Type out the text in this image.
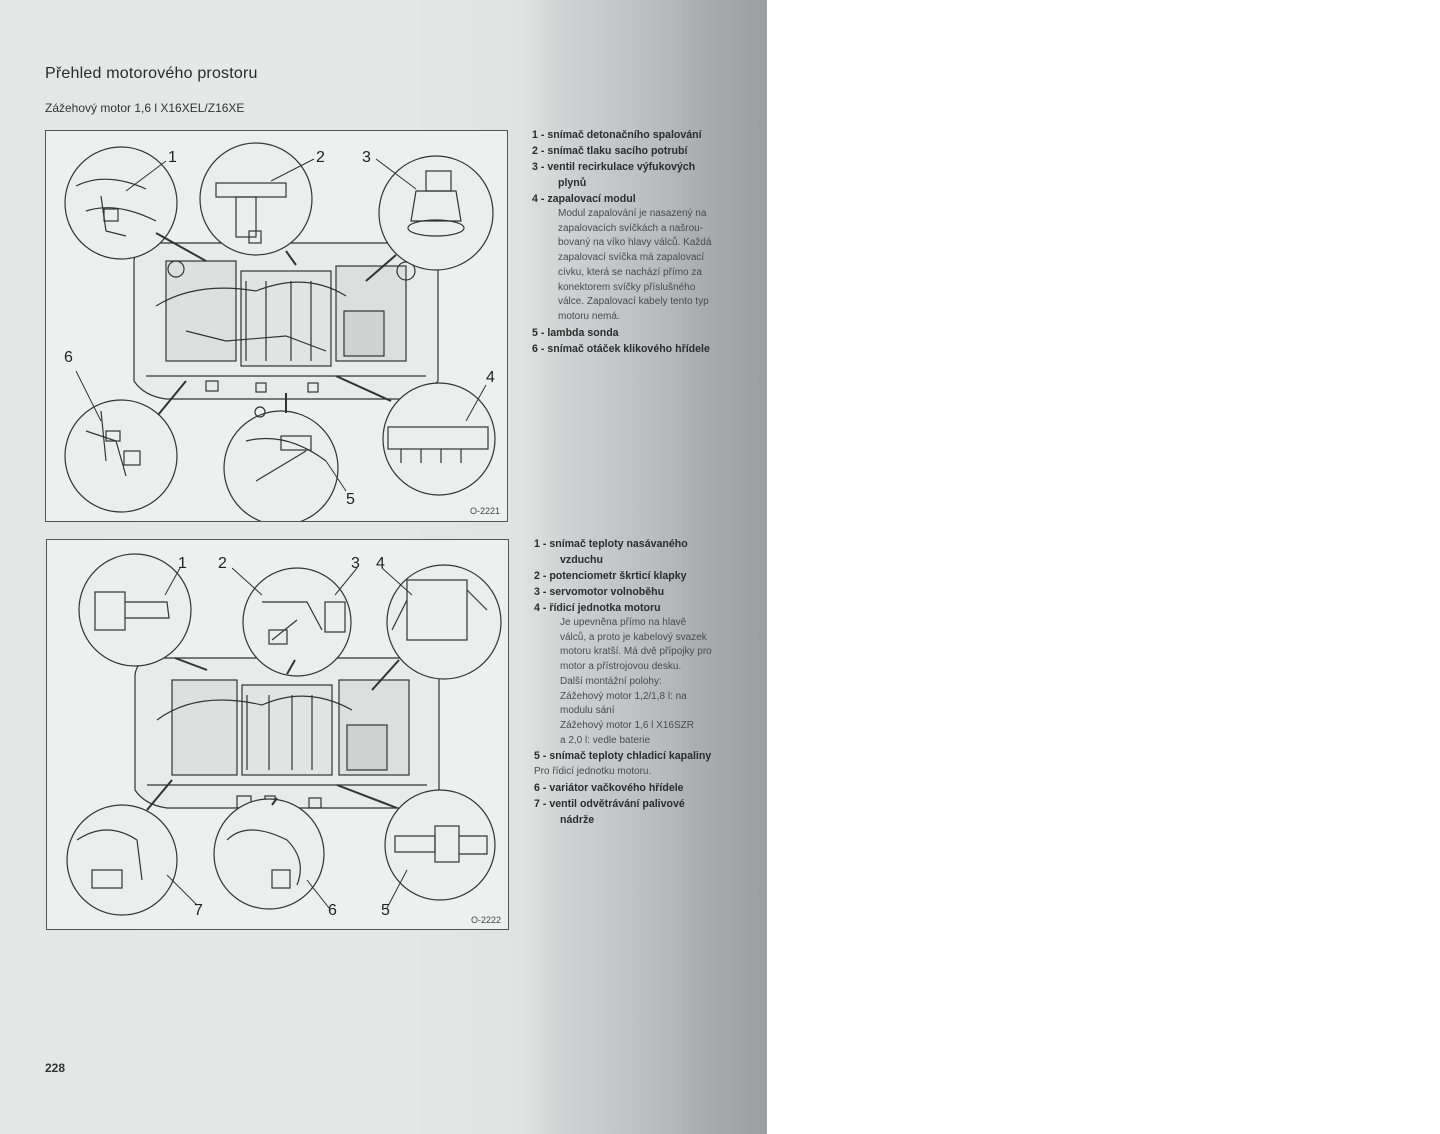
Přehled motorového prostoru
Zážehový motor 1,6 l X16XEL/Z16XE
1	2 3
4
5
6
O-2221
1 - snímač detonačního spalování
2 - snímač tlaku sacího potrubí
3 - ventil recirkulace výfukových
plynů
4 - zapalovací modul
Modul zapalování je nasazený na
zapalovacích svíčkách a našrou-
bovaný na víko hlavy válců. Každá
zapalovací svíčka má zapalovací
cívku, která se nachází přímo za
konektorem svíčky příslušného
válce. Zapalovací kabely tento typ
motoru nemá.
5 - lambda sonda
6 - snímač otáček klikového hřídele
1 2	3 4
5
6
7
O-2222
1 - snímač teploty nasávaného
vzduchu
2 - potenciometr škrticí klapky
3 - servomotor volnoběhu
4 - řídicí jednotka motoru
Je upevněna přímo na hlavě
válců, a proto je kabelový svazek
motoru kratší. Má dvě přípojky pro
motor a přístrojovou desku.
Další montážní polohy:
Zážehový motor 1,2/1,8 l: na
modulu sání
Zážehový motor 1,6 l X16SZR
a 2,0 l: vedle baterie
5 - snímač teploty chladicí kapaliny
Pro řídicí jednotku motoru.
6 - variátor vačkového hřídele
7 - ventil odvětrávání palivové
nádrže
228
